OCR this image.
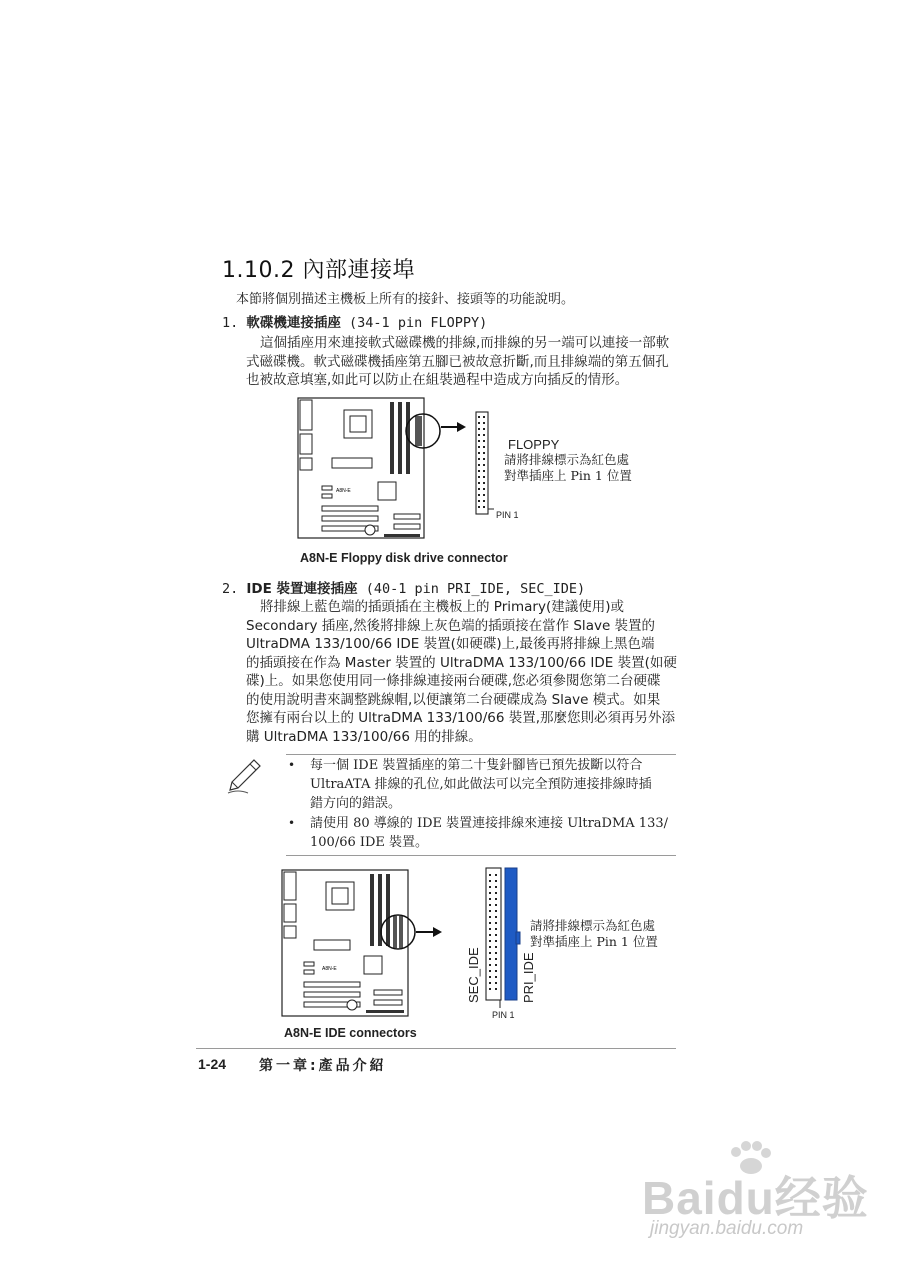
1.10.2 內部連接埠
本節將個別描述主機板上所有的接針、接頭等的功能說明。
1. 軟碟機連接插座 (34-1 pin FLOPPY)
這個插座用來連接軟式磁碟機的排線,而排線的另一端可以連接一部軟
式磁碟機。軟式磁碟機插座第五腳已被故意折斷,而且排線端的第五個孔
也被故意填塞,如此可以防止在組裝過程中造成方向插反的情形。
A8N-E
FLOPPY
請將排線標示為紅色處
對準插座上 Pin 1 位置
PIN 1
A8N-E Floppy disk drive connector
2. IDE 裝置連接插座 (40-1 pin PRI_IDE, SEC_IDE)
將排線上藍色端的插頭插在主機板上的 Primary(建議使用)或
Secondary 插座,然後將排線上灰色端的插頭接在當作 Slave 裝置的
UltraDMA 133/100/66 IDE 裝置(如硬碟)上,最後再將排線上黑色端
的插頭接在作為 Master 裝置的 UltraDMA 133/100/66 IDE 裝置(如硬
碟)上。如果您使用同一條排線連接兩台硬碟,您必須參閱您第二台硬碟
的使用說明書來調整跳線帽,以便讓第二台硬碟成為 Slave 模式。如果
您擁有兩台以上的 UltraDMA 133/100/66 裝置,那麼您則必須再另外添
購 UltraDMA 133/100/66 用的排線。
• 每一個 IDE 裝置插座的第二十隻針腳皆已預先拔斷以符合
UltraATA 排線的孔位,如此做法可以完全預防連接排線時插
錯方向的錯誤。
• 請使用 80 導線的 IDE 裝置連接排線來連接 UltraDMA 133/
100/66 IDE 裝置。
A8N-E	SEC_IDE	PRI_IDE
PIN 1
請將排線標示為紅色處
對準插座上 Pin 1 位置
A8N-E IDE connectors
1-24 第一章:產品介紹
Baidu经验
jingyan.baidu.com
